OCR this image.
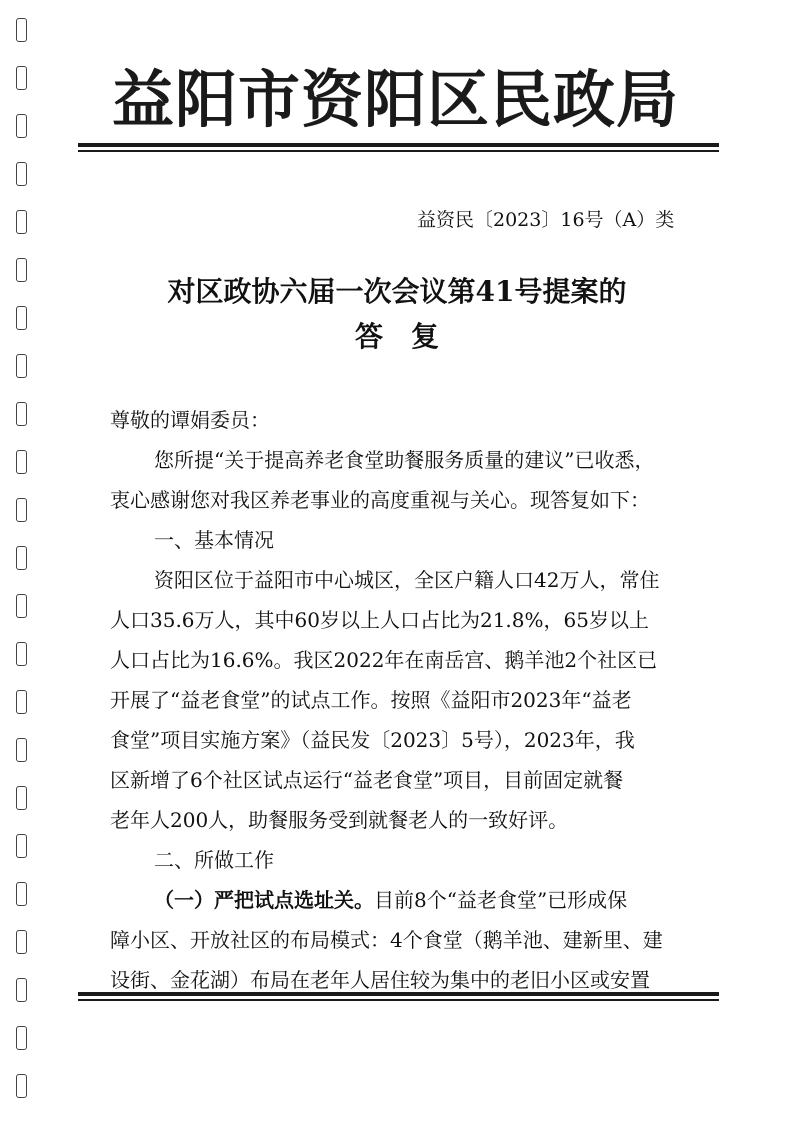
益阳市资阳区民政局
益资民〔2023〕16号（A）类
对区政协六届一次会议第41号提案的
答　复
尊敬的谭娟委员：
您所提“关于提高养老食堂助餐服务质量的建议”已收悉，
衷心感谢您对我区养老事业的高度重视与关心。现答复如下：
一、基本情况
资阳区位于益阳市中心城区，全区户籍人口42万人，常住
人口35.6万人，其中60岁以上人口占比为21.8%，65岁以上
人口占比为16.6%。我区2022年在南岳宫、鹅羊池2个社区已
开展了“益老食堂”的试点工作。按照《益阳市2023年“益老
食堂”项目实施方案》（益民发〔2023〕5号），2023年，我
区新增了6个社区试点运行“益老食堂”项目，目前固定就餐
老年人200人，助餐服务受到就餐老人的一致好评。
二、所做工作
（一）严把试点选址关。目前8个“益老食堂”已形成保
障小区、开放社区的布局模式：4个食堂（鹅羊池、建新里、建
设街、金花湖）布局在老年人居住较为集中的老旧小区或安置
